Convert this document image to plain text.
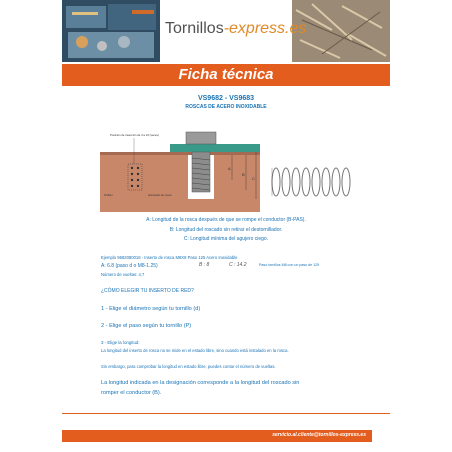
Tornillos-express.es
Ficha técnica
VS9682 - VS9683
ROSCAS DE ACERO INOXIDABLE
Posición de inserción de 3 a 16 (veces)
Orificio	eliminado de rosca
A
B
C
A: Longitud de la rosca después de que se rompe el conductor (B-PAS).
B: Longitud del roscado sin retirar el destornillador.
C: Longitud mínima del agujero ciego.
Ejemplo 9682080018 - Inserto de rosca M8X8 Paso 125 Acero Inoxidable
A: 6.8 (paso d o M8-1.25)	B : 8	C : 14.2	Paso tornillos M8 con un paso de 125
Número de vueltas: 4,7
¿CÓMO ELEGIR TU INSERTO DE RED?
1 - Elige el diámetro según tu tornillo (d)
2 - Elige el paso según tu tornillo (P)
3 - Elige la longitud:
La longitud del inserto de rosca no se mide en el estado libre, sino cuando está instalado en la rosca.
Sin embargo, para comprobar la longitud en estado libre, puedes contar el número de vueltas.
La longitud indicada en la designación corresponde a la longitud del roscado sin
romper el conductor (B).
servicio.al.cliente@tornillos-express.es
